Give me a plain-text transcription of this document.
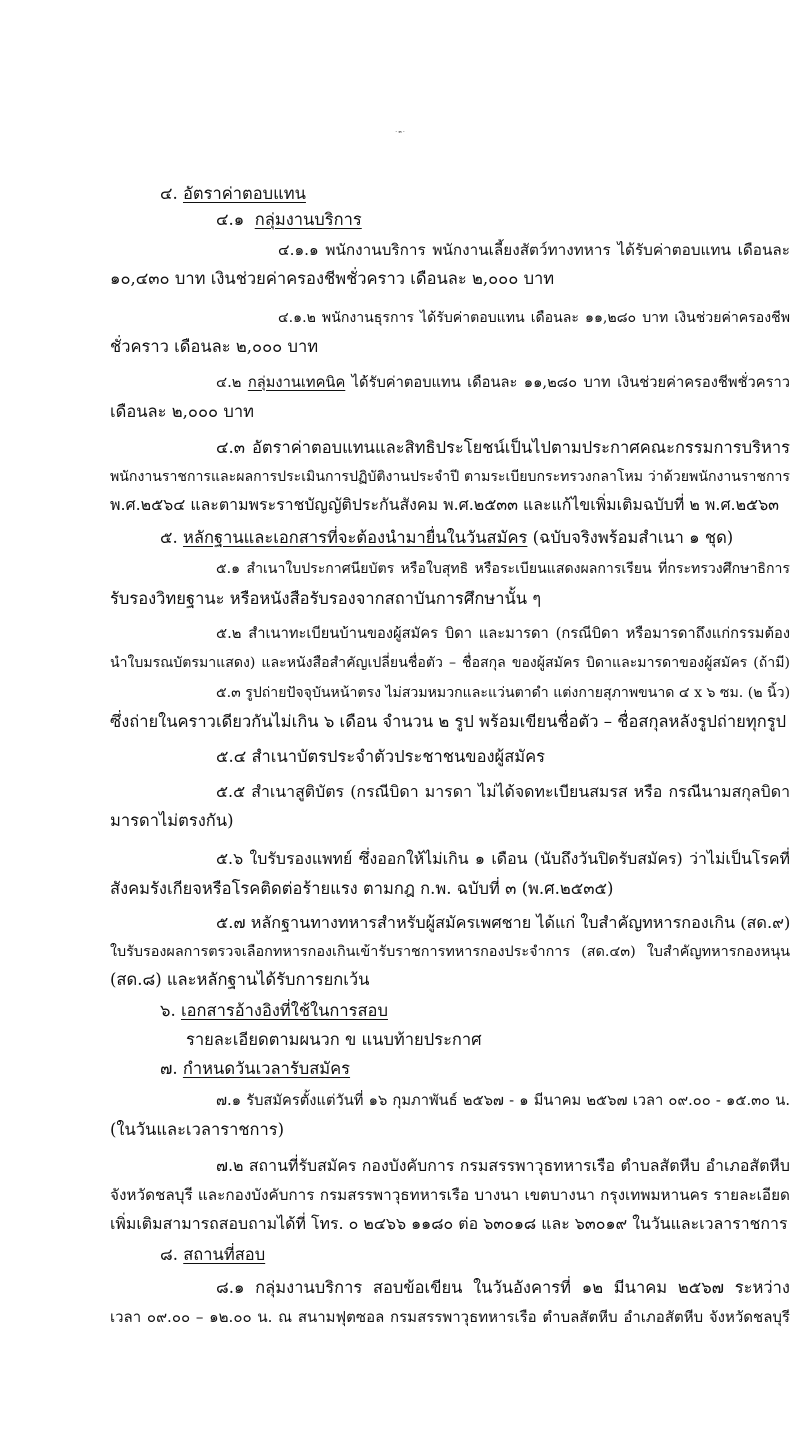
- ๓ -
๔. อัตราค่าตอบแทน
๔.๑ กลุ่มงานบริการ
๔.๑.๑ พนักงานบริการ พนักงานเลี้ยงสัตว์ทางทหาร ได้รับค่าตอบแทน เดือนละ
๑๐,๔๓๐ บาท เงินช่วยค่าครองชีพชั่วคราว เดือนละ ๒,๐๐๐ บาท
๔.๑.๒ พนักงานธุรการ ได้รับค่าตอบแทน เดือนละ ๑๑,๒๘๐ บาท เงินช่วยค่าครองชีพ
ชั่วคราว เดือนละ ๒,๐๐๐ บาท
๔.๒ กลุ่มงานเทคนิค ได้รับค่าตอบแทน เดือนละ ๑๑,๒๘๐ บาท เงินช่วยค่าครองชีพชั่วคราว
เดือนละ ๒,๐๐๐ บาท
๔.๓ อัตราค่าตอบแทนและสิทธิประโยชน์เป็นไปตามประกาศคณะกรรมการบริหาร
พนักงานราชการและผลการประเมินการปฏิบัติงานประจำปี ตามระเบียบกระทรวงกลาโหม ว่าด้วยพนักงานราชการ
พ.ศ.๒๕๖๔ และตามพระราชบัญญัติประกันสังคม พ.ศ.๒๕๓๓ และแก้ไขเพิ่มเติมฉบับที่ ๒ พ.ศ.๒๕๖๓
๕. หลักฐานและเอกสารที่จะต้องนำมายื่นในวันสมัคร (ฉบับจริงพร้อมสำเนา ๑ ชุด)
๕.๑ สำเนาใบประกาศนียบัตร หรือใบสุทธิ หรือระเบียนแสดงผลการเรียน ที่กระทรวงศึกษาธิการ
รับรองวิทยฐานะ หรือหนังสือรับรองจากสถาบันการศึกษานั้น ๆ
๕.๒ สำเนาทะเบียนบ้านของผู้สมัคร บิดา และมารดา (กรณีบิดา หรือมารดาถึงแก่กรรมต้อง
นำใบมรณบัตรมาแสดง) และหนังสือสำคัญเปลี่ยนชื่อตัว – ชื่อสกุล ของผู้สมัคร บิดาและมารดาของผู้สมัคร (ถ้ามี)
๕.๓ รูปถ่ายปัจจุบันหน้าตรง ไม่สวมหมวกและแว่นตาดำ แต่งกายสุภาพขนาด ๔ x ๖ ซม. (๒ นิ้ว)
ซึ่งถ่ายในคราวเดียวกันไม่เกิน ๖ เดือน จำนวน ๒ รูป พร้อมเขียนชื่อตัว – ชื่อสกุลหลังรูปถ่ายทุกรูป
๕.๔ สำเนาบัตรประจำตัวประชาชนของผู้สมัคร
๕.๕ สำเนาสูติบัตร (กรณีบิดา มารดา ไม่ได้จดทะเบียนสมรส หรือ กรณีนามสกุลบิดา
มารดาไม่ตรงกัน)
๕.๖ ใบรับรองแพทย์ ซึ่งออกให้ไม่เกิน ๑ เดือน (นับถึงวันปิดรับสมัคร) ว่าไม่เป็นโรคที่
สังคมรังเกียจหรือโรคติดต่อร้ายแรง ตามกฎ ก.พ. ฉบับที่ ๓ (พ.ศ.๒๕๓๕)
๕.๗ หลักฐานทางทหารสำหรับผู้สมัครเพศชาย ได้แก่ ใบสำคัญทหารกองเกิน (สด.๙)
ใบรับรองผลการตรวจเลือกทหารกองเกินเข้ารับราชการทหารกองประจำการ (สด.๔๓) ใบสำคัญทหารกองหนุน
(สด.๘) และหลักฐานได้รับการยกเว้น
๖. เอกสารอ้างอิงที่ใช้ในการสอบ
รายละเอียดตามผนวก ข แนบท้ายประกาศ
๗. กำหนดวันเวลารับสมัคร
๗.๑ รับสมัครตั้งแต่วันที่ ๑๖ กุมภาพันธ์ ๒๕๖๗ - ๑ มีนาคม ๒๕๖๗ เวลา ๐๙.๐๐ - ๑๕.๓๐ น.
(ในวันและเวลาราชการ)
๗.๒ สถานที่รับสมัคร กองบังคับการ กรมสรรพาวุธทหารเรือ ตำบลสัตหีบ อำเภอสัตหีบ
จังหวัดชลบุรี และกองบังคับการ กรมสรรพาวุธทหารเรือ บางนา เขตบางนา กรุงเทพมหานคร รายละเอียด
เพิ่มเติมสามารถสอบถามได้ที่ โทร. ๐ ๒๔๖๖ ๑๑๘๐ ต่อ ๖๓๐๑๘ และ ๖๓๐๑๙ ในวันและเวลาราชการ
๘. สถานที่สอบ
๘.๑ กลุ่มงานบริการ สอบข้อเขียน ในวันอังคารที่ ๑๒ มีนาคม ๒๕๖๗ ระหว่าง
เวลา ๐๙.๐๐ – ๑๒.๐๐ น. ณ สนามฟุตซอล กรมสรรพาวุธทหารเรือ ตำบลสัตหีบ อำเภอสัตหีบ จังหวัดชลบุรี
